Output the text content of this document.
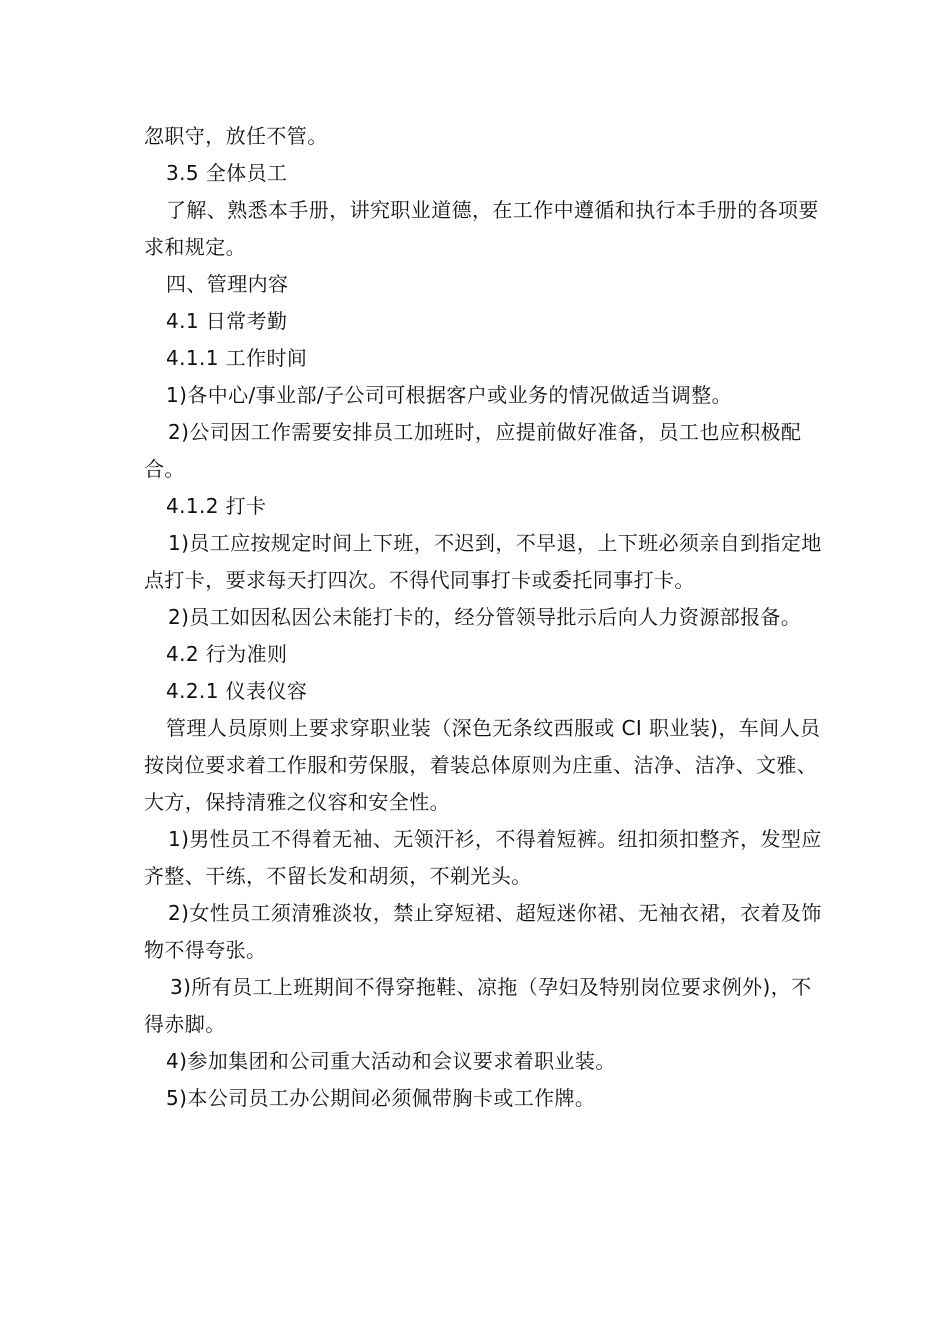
忽职守，放任不管。

3.5 全体员工

了解、熟悉本手册，讲究职业道德，在工作中遵循和执行本手册的各项要求和规定。

四、管理内容

4.1 日常考勤

4.1.1 工作时间

1)各中心/事业部/子公司可根据客户或业务的情况做适当调整。

2)公司因工作需要安排员工加班时，应提前做好准备，员工也应积极配合。

4.1.2 打卡

1)员工应按规定时间上下班，不迟到，不早退，上下班必须亲自到指定地点打卡，要求每天打四次。不得代同事打卡或委托同事打卡。

2)员工如因私因公未能打卡的，经分管领导批示后向人力资源部报备。

4.2 行为准则

4.2.1 仪表仪容

管理人员原则上要求穿职业装（深色无条纹西服或 CI 职业装)，车间人员按岗位要求着工作服和劳保服，着装总体原则为庄重、洁净、洁净、文雅、大方，保持清雅之仪容和安全性。

1)男性员工不得着无袖、无领汗衫，不得着短裤。纽扣须扣整齐，发型应齐整、干练，不留长发和胡须，不剃光头。

2)女性员工须清雅淡妆，禁止穿短裙、超短迷你裙、无袖衣裙，衣着及饰物不得夸张。

3)所有员工上班期间不得穿拖鞋、凉拖（孕妇及特别岗位要求例外)，不得赤脚。

4)参加集团和公司重大活动和会议要求着职业装。

5)本公司员工办公期间必须佩带胸卡或工作牌。
